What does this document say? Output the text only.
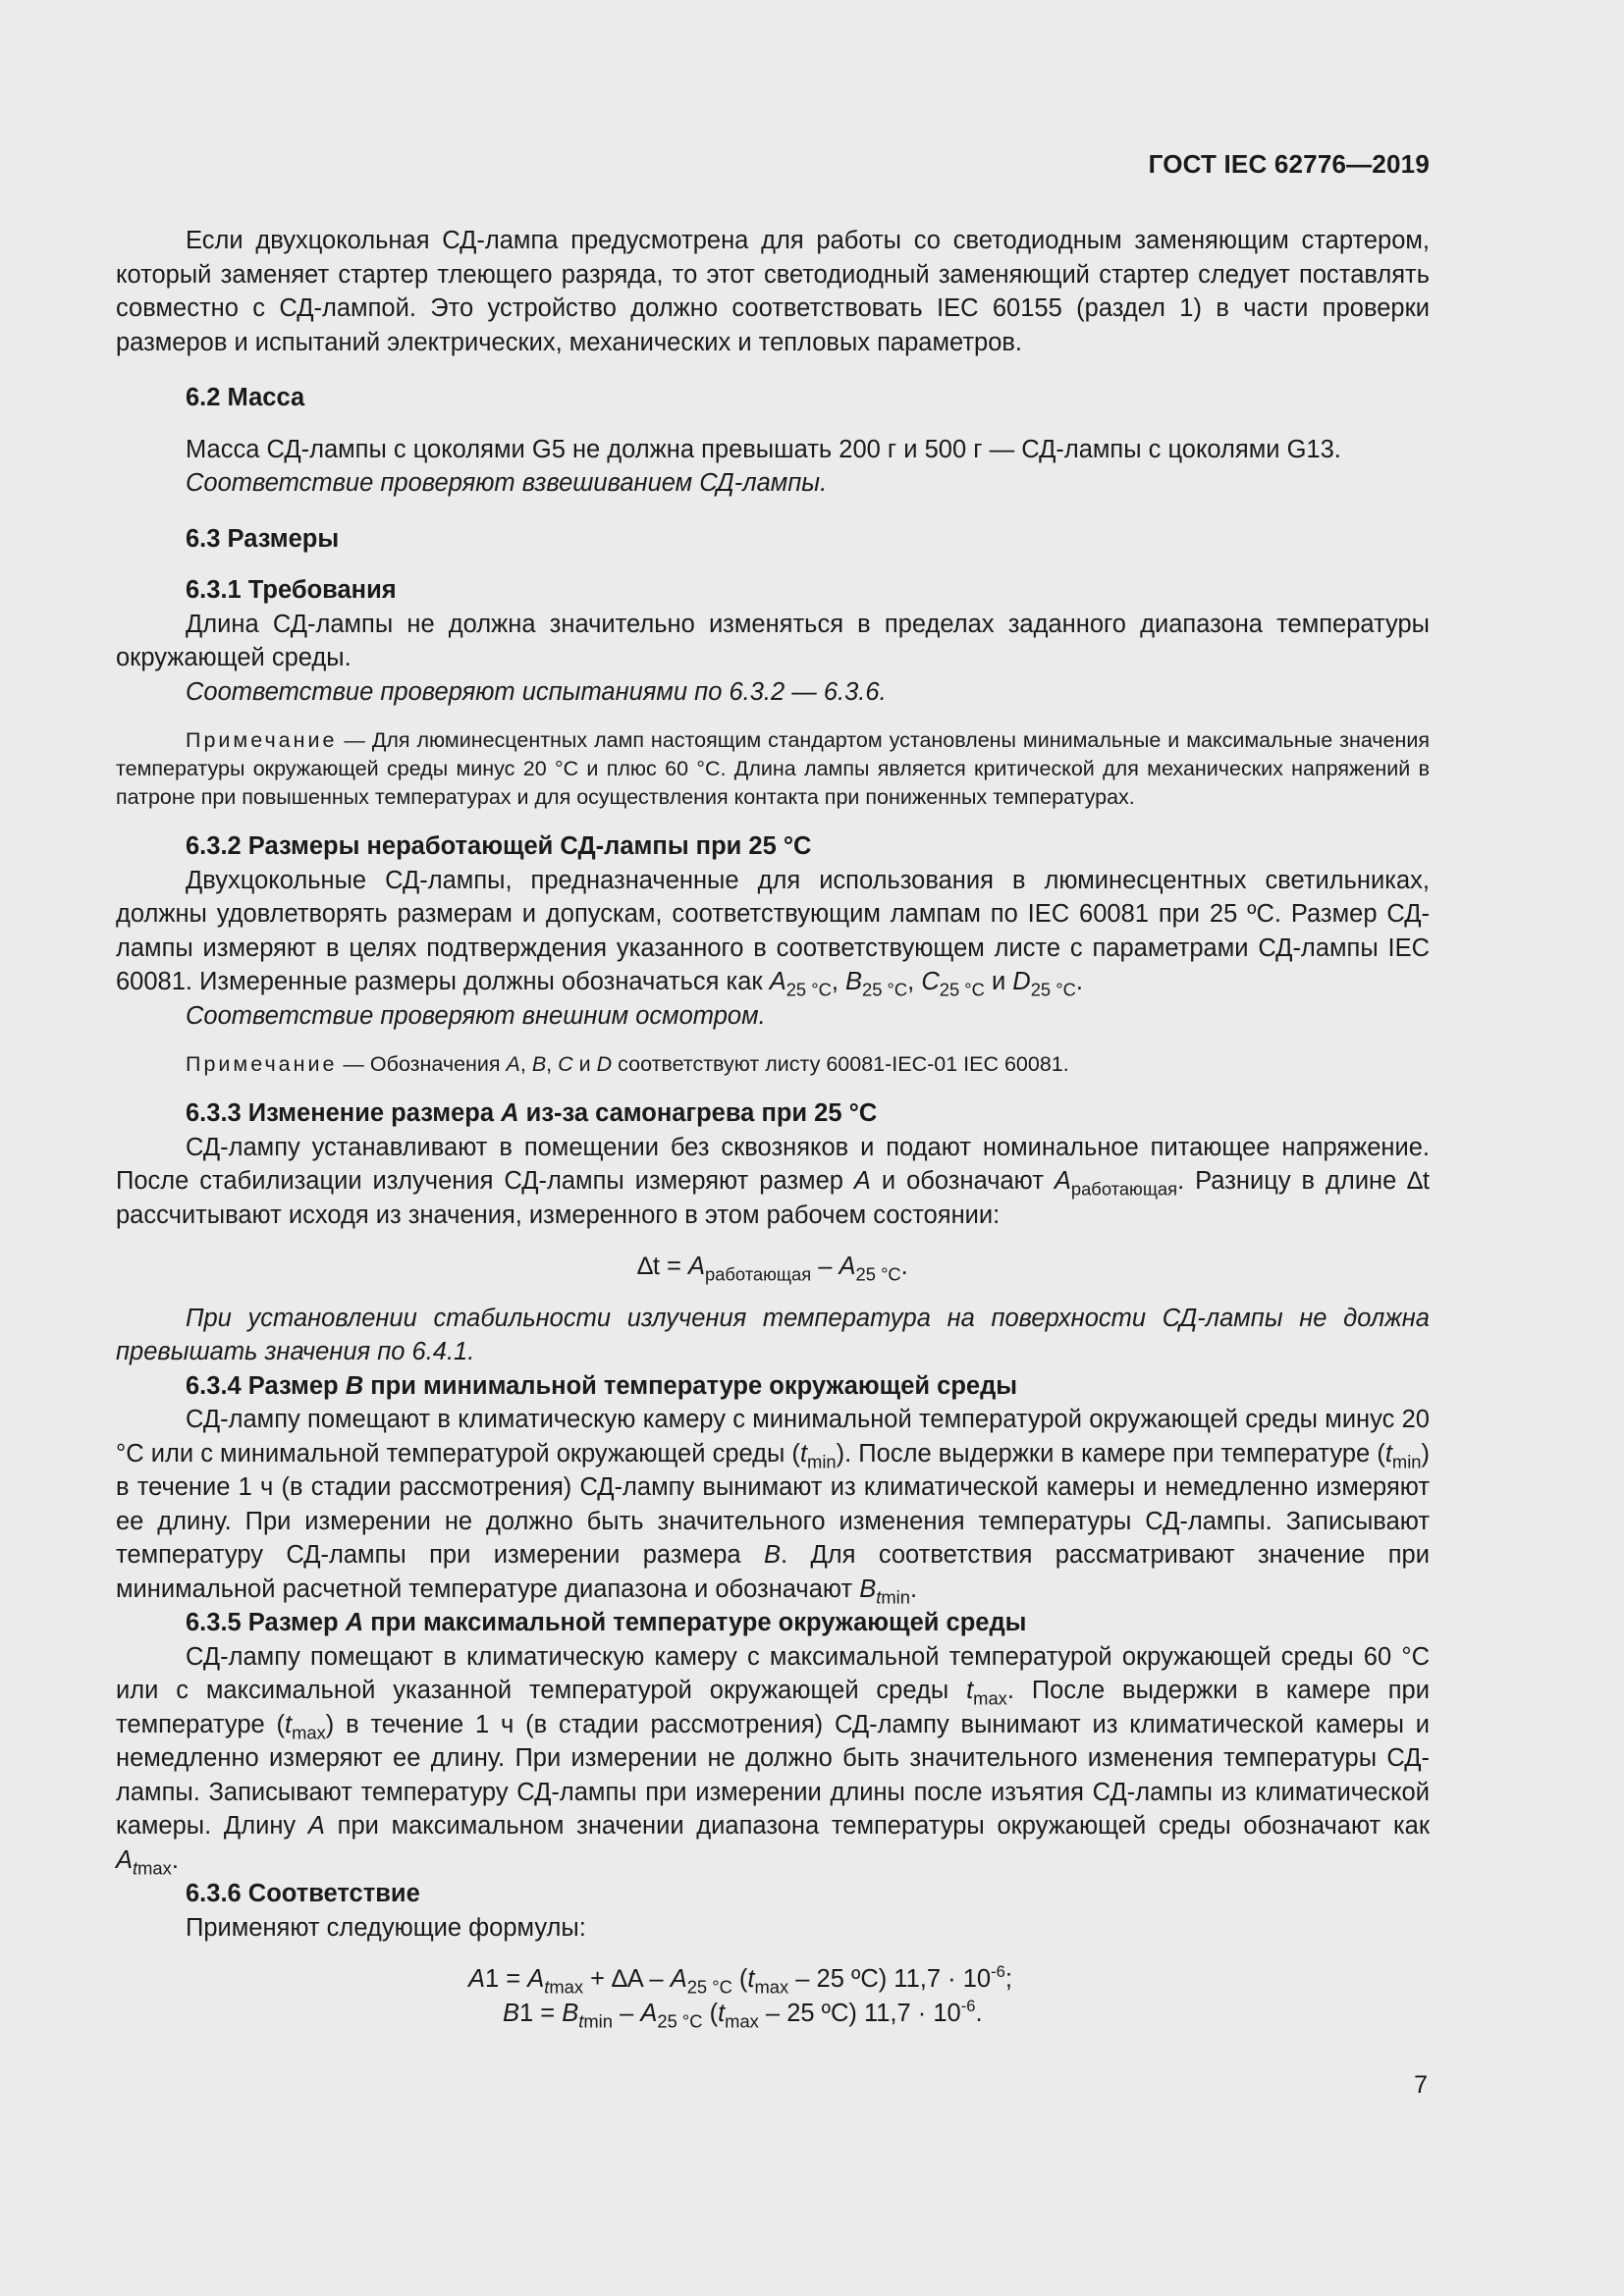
ГОСТ IEC 62776—2019

Если двухцокольная СД-лампа предусмотрена для работы со светодиодным заменяющим стартером, который заменяет стартер тлеющего разряда, то этот светодиодный заменяющий стартер следует поставлять совместно с СД-лампой. Это устройство должно соответствовать IEC 60155 (раздел 1) в части проверки размеров и испытаний электрических, механических и тепловых параметров.

6.2 Масса

Масса СД-лампы с цоколями G5 не должна превышать 200 г и 500 г — СД-лампы с цоколями G13.

Соответствие проверяют взвешиванием СД-лампы.

6.3 Размеры

6.3.1 Требования

Длина СД-лампы не должна значительно изменяться в пределах заданного диапазона температуры окружающей среды.

Соответствие проверяют испытаниями по 6.3.2 — 6.3.6.

Примечание — Для люминесцентных ламп настоящим стандартом установлены минимальные и максимальные значения температуры окружающей среды минус 20 °С и плюс 60 °С. Длина лампы является критической для механических напряжений в патроне при повышенных температурах и для осуществления контакта при пониженных температурах.

6.3.2 Размеры неработающей СД-лампы при 25 °С

Двухцокольные СД-лампы, предназначенные для использования в люминесцентных светильниках, должны удовлетворять размерам и допускам, соответствующим лампам по IEC 60081 при 25 ºС. Размер СД-лампы измеряют в целях подтверждения указанного в соответствующем листе с параметрами СД-лампы IEC 60081. Измеренные размеры должны обозначаться как $A_{25 ^\circ C}$, $B_{25 ^\circ C}$, $C_{25 ^\circ C}$ и $D_{25 ^\circ C}$.

Соответствие проверяют внешним осмотром.

Примечание — Обозначения A, B, C и D соответствуют листу 60081-IEC-01 IEC 60081.

6.3.3 Изменение размера A из-за самонагрева при 25 °С

СД-лампу устанавливают в помещении без сквозняков и подают номинальное питающее напряжение. После стабилизации излучения СД-лампы измеряют размер A и обозначают $A_{работающая}$. Разницу в длине ∆t рассчитывают исходя из значения, измеренного в этом рабочем состоянии:

$\Delta t = A_{работающая} - A_{25 ^\circ C}$.

При установлении стабильности излучения температура на поверхности СД-лампы не должна превышать значения по 6.4.1.

6.3.4 Размер B при минимальной температуре окружающей среды

СД-лампу помещают в климатическую камеру с минимальной температурой окружающей среды минус 20 °С или с минимальной температурой окружающей среды $(t_{min})$. После выдержки в камере при температуре $(t_{min})$ в течение 1 ч (в стадии рассмотрения) СД-лампу вынимают из климатической камеры и немедленно измеряют ее длину. При измерении не должно быть значительного изменения температуры СД-лампы. Записывают температуру СД-лампы при измерении размера B. Для соответствия рассматривают значение при минимальной расчетной температуре диапазона и обозначают $B_{tmin}$.

6.3.5 Размер A при максимальной температуре окружающей среды

СД-лампу помещают в климатическую камеру с максимальной температурой окружающей среды 60 °С или с максимальной указанной температурой окружающей среды $t_{max}$. После выдержки в камере при температуре $(t_{max})$ в течение 1 ч (в стадии рассмотрения) СД-лампу вынимают из климатической камеры и немедленно измеряют ее длину. При измерении не должно быть значительного изменения температуры СД-лампы. Записывают температуру СД-лампы при измерении длины после изъятия СД-лампы из климатической камеры. Длину A при максимальном значении диапазона температуры окружающей среды обозначают как $A_{tmax}$.

6.3.6 Соответствие

Применяют следующие формулы:

$A1 = A_{tmax} + \Delta A - A_{25 ^\circ C}$ ($t_{max} - 25$ ºС) $11,7 \cdot 10^{-6}$;

$B1 = B_{tmin} - A_{25 ^\circ C}$ ($t_{max} - 25$ ºС) $11,7 \cdot 10^{-6}$.

7
